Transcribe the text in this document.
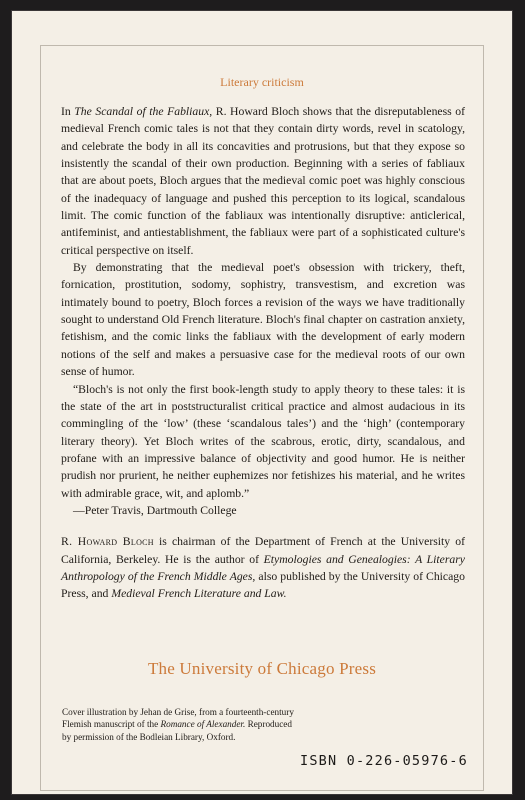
Literary criticism

In The Scandal of the Fabliaux, R. Howard Bloch shows that the disreputableness of medieval French comic tales is not that they contain dirty words, revel in scatology, and celebrate the body in all its concavities and protrusions, but that they expose so insistently the scandal of their own production. Beginning with a series of fabliaux that are about poets, Bloch argues that the medieval comic poet was highly conscious of the inadequacy of language and pushed this perception to its logical, scandalous limit. The comic function of the fabliaux was intentionally disruptive: anticlerical, antifeminist, and antiestablishment, the fabliaux were part of a sophisticated culture's critical perspective on itself.

By demonstrating that the medieval poet's obsession with trickery, theft, fornication, prostitution, sodomy, sophistry, transvestism, and excretion was intimately bound to poetry, Bloch forces a revision of the ways we have traditionally sought to understand Old French literature. Bloch's final chapter on castration anxiety, fetishism, and the comic links the fabliaux with the development of early modern notions of the self and makes a persuasive case for the medieval roots of our own sense of humor.

“Bloch's is not only the first book-length study to apply theory to these tales: it is the state of the art in poststructuralist critical practice and almost audacious in its commingling of the ‘low’ (these ‘scandalous tales’) and the ‘high’ (contemporary literary theory). Yet Bloch writes of the scabrous, erotic, dirty, scandalous, and profane with an impressive balance of objectivity and good humor. He is neither prudish nor prurient, he neither euphemizes nor fetishizes his material, and he writes with admirable grace, wit, and aplomb.”

—Peter Travis, Dartmouth College

R. Howard Bloch is chairman of the Department of French at the University of California, Berkeley. He is the author of Etymologies and Genealogies: A Literary Anthropology of the French Middle Ages, also published by the University of Chicago Press, and Medieval French Literature and Law.

The University of Chicago Press
Cover illustration by Jehan de Grise, from a fourteenth-century Flemish manuscript of the Romance of Alexander. Reproduced by permission of the Bodleian Library, Oxford.
ISBN 0-226-05976-6
